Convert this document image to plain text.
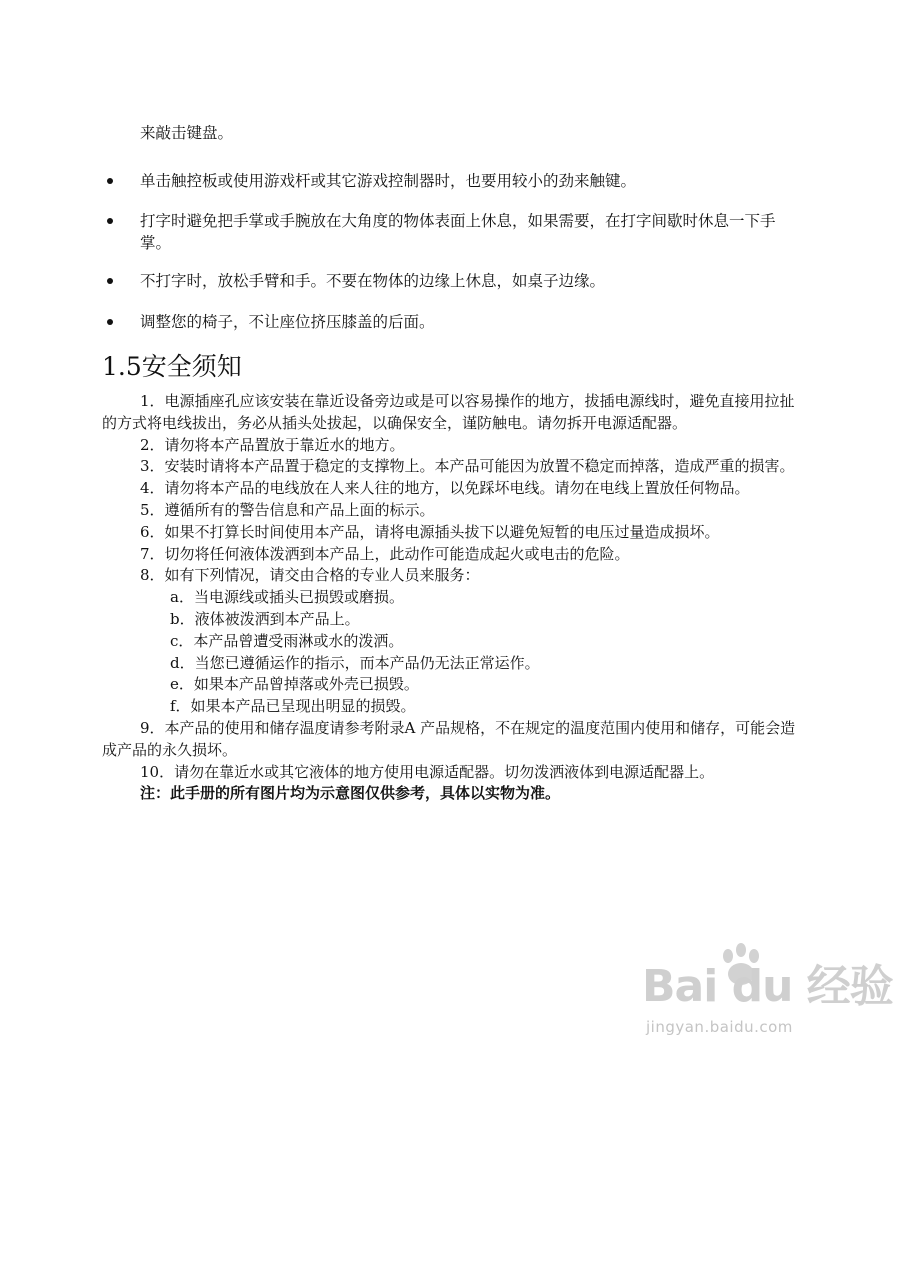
来敲击键盘。

单击触控板或使用游戏杆或其它游戏控制器时，也要用较小的劲来触键。

打字时避免把手掌或手腕放在大角度的物体表面上休息，如果需要，在打字间歇时休息一下手掌。

不打字时，放松手臂和手。不要在物体的边缘上休息，如桌子边缘。

调整您的椅子，不让座位挤压膝盖的后面。

1.5安全须知

1．电源插座孔应该安装在靠近设备旁边或是可以容易操作的地方，拔插电源线时，避免直接用拉扯的方式将电线拔出，务必从插头处拔起，以确保安全，谨防触电。请勿拆开电源适配器。

2．请勿将本产品置放于靠近水的地方。

3．安装时请将本产品置于稳定的支撑物上。本产品可能因为放置不稳定而掉落，造成严重的损害。

4．请勿将本产品的电线放在人来人往的地方，以免踩坏电线。请勿在电线上置放任何物品。

5．遵循所有的警告信息和产品上面的标示。

6．如果不打算长时间使用本产品，请将电源插头拔下以避免短暂的电压过量造成损坏。

7．切勿将任何液体泼洒到本产品上，此动作可能造成起火或电击的危险。

8．如有下列情况，请交由合格的专业人员来服务：

a．当电源线或插头已损毁或磨损。
b．液体被泼洒到本产品上。
c．本产品曾遭受雨淋或水的泼洒。
d．当您已遵循运作的指示，而本产品仍无法正常运作。
e．如果本产品曾掉落或外壳已损毁。
f．如果本产品已呈现出明显的损毁。

9．本产品的使用和储存温度请参考附录A 产品规格，不在规定的温度范围内使用和储存，可能会造成产品的永久损坏。

10．请勿在靠近水或其它液体的地方使用电源适配器。切勿泼洒液体到电源适配器上。

注：此手册的所有图片均为示意图仅供参考，具体以实物为准。

Bai du 经验
jingyan.baidu.com
